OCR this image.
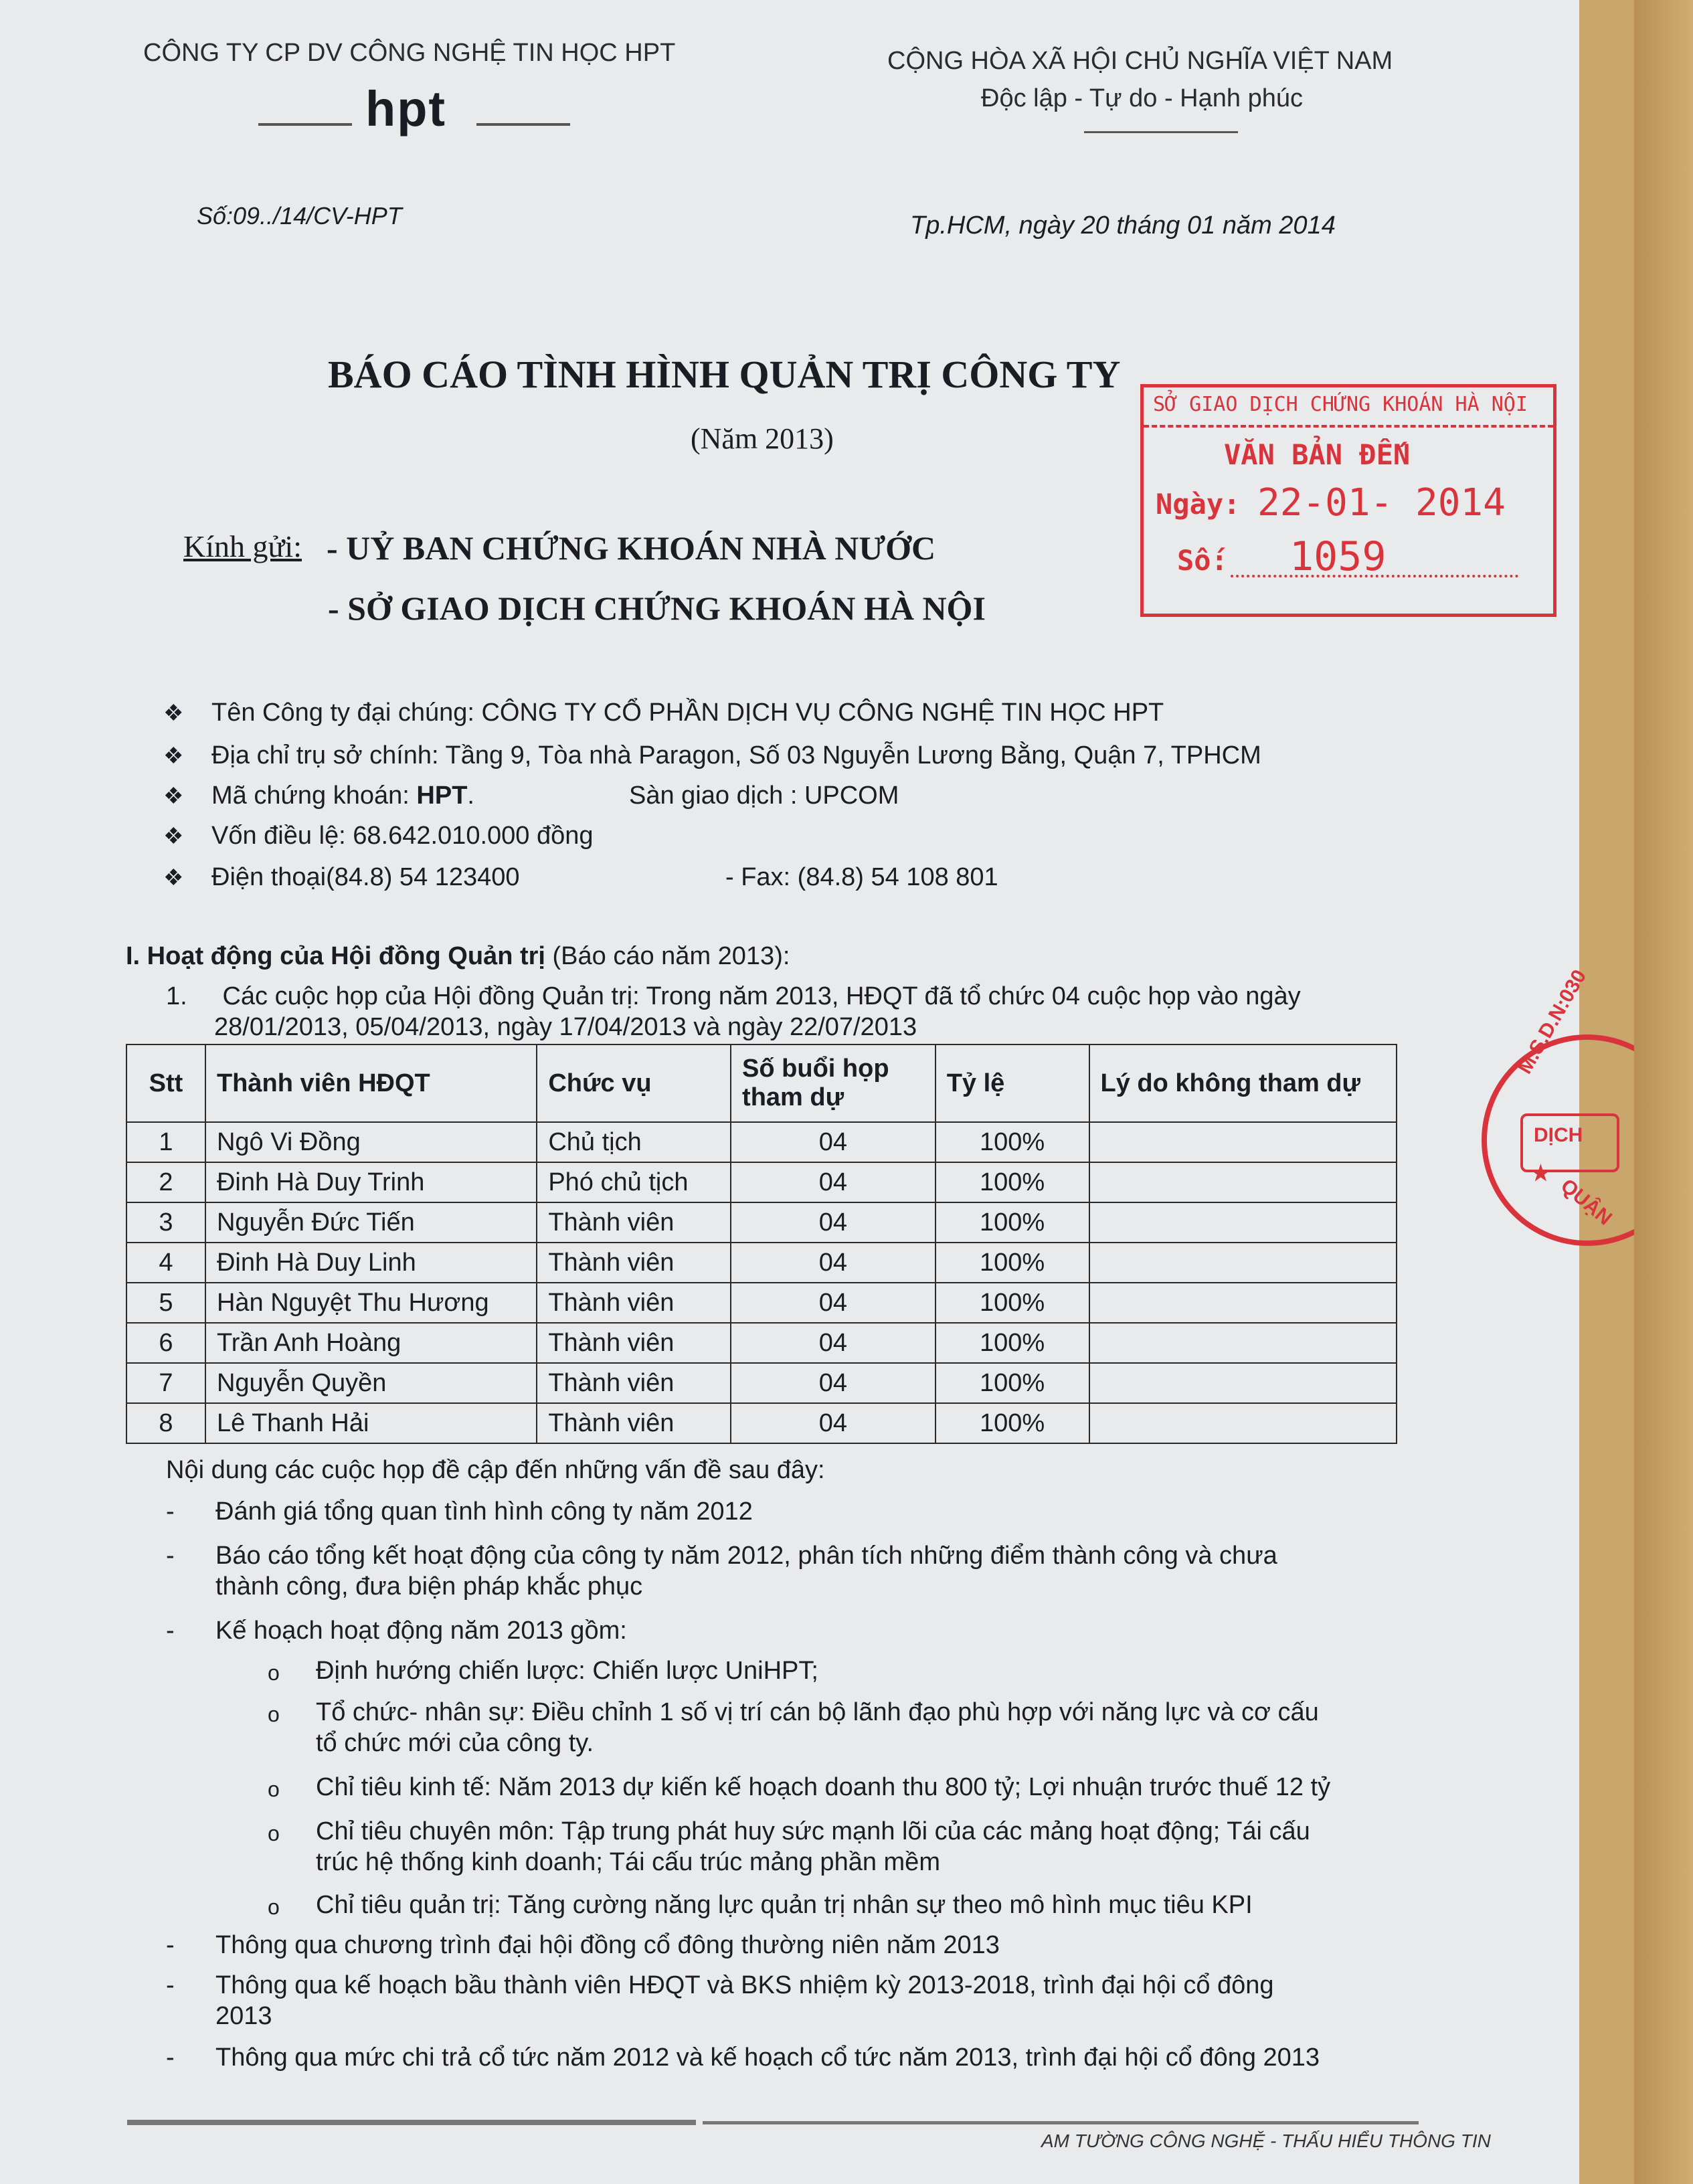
CÔNG TY CP DV CÔNG NGHỆ TIN HỌC HPT
hpt
CỘNG HÒA XÃ HỘI CHỦ NGHĨA VIỆT NAM
Độc lập - Tự do - Hạnh phúc
Số:09../14/CV-HPT	Tp.HCM, ngày 20 tháng 01 năm 2014
BÁO CÁO TÌNH HÌNH QUẢN TRỊ CÔNG TY
(Năm 2013)
SỞ GIAO DỊCH CHỨNG KHOÁN HÀ NỘI
VĂN BẢN ĐẾN
Ngày: 22-01- 2014
Số: 1059
Kính gửi: - UỶ BAN CHỨNG KHOÁN NHÀ NƯỚC
- SỞ GIAO DỊCH CHỨNG KHOÁN HÀ NỘI
❖ Tên Công ty đại chúng: CÔNG TY CỔ PHẦN DỊCH VỤ CÔNG NGHỆ TIN HỌC HPT
❖ Địa chỉ trụ sở chính: Tầng 9, Tòa nhà Paragon, Số 03 Nguyễn Lương Bằng, Quận 7, TPHCM
❖ Mã chứng khoán: HPT.	Sàn giao dịch : UPCOM
❖ Vốn điều lệ: 68.642.010.000 đồng
❖ Điện thoại(84.8) 54 123400	- Fax: (84.8) 54 108 801
I. Hoạt động của Hội đồng Quản trị (Báo cáo năm 2013):
1.     Các cuộc họp của Hội đồng Quản trị: Trong năm 2013, HĐQT đã tổ chức 04 cuộc họp vào ngày
28/01/2013, 05/04/2013, ngày 17/04/2013 và ngày 22/07/2013	M.S.D.N:030
★
DỊCH
QUẬN
Stt	Thành viên HĐQT	Chức vụ	Số buổi họp tham dự	Tỷ lệ	Lý do không tham dự
1	Ngô Vi Đồng	Chủ tịch	04	100%	
2	Đinh Hà Duy Trinh	Phó chủ tịch	04	100%	
3	Nguyễn Đức Tiến	Thành viên	04	100%	
4	Đinh Hà Duy Linh	Thành viên	04	100%	
5	Hàn Nguyệt Thu Hương	Thành viên	04	100%	
6	Trần Anh Hoàng	Thành viên	04	100%	
7	Nguyễn Quyền	Thành viên	04	100%	
8	Lê Thanh Hải	Thành viên	04	100%	
Nội dung các cuộc họp đề cập đến những vấn đề sau đây:
- Đánh giá tổng quan tình hình công ty năm 2012
- Báo cáo tổng kết hoạt động của công ty năm 2012, phân tích những điểm thành công và chưa
thành công, đưa biện pháp khắc phục
- Kế hoạch hoạt động năm 2013 gồm:
o Định hướng chiến lược: Chiến lược UniHPT;
o Tổ chức- nhân sự: Điều chỉnh 1 số vị trí cán bộ lãnh đạo phù hợp với năng lực và cơ cấu
tổ chức mới của công ty.
o Chỉ tiêu kinh tế: Năm 2013 dự kiến kế hoạch doanh thu 800 tỷ; Lợi nhuận trước thuế 12 tỷ
o Chỉ tiêu chuyên môn: Tập trung phát huy sức mạnh lõi của các mảng hoạt động; Tái cấu
trúc hệ thống kinh doanh; Tái cấu trúc mảng phần mềm
o Chỉ tiêu quản trị: Tăng cường năng lực quản trị nhân sự theo mô hình mục tiêu KPI
- Thông qua chương trình đại hội đồng cổ đông thường niên năm 2013
- Thông qua kế hoạch bầu thành viên HĐQT và BKS nhiệm kỳ 2013-2018, trình đại hội cổ đông
2013
- Thông qua mức chi trả cổ tức năm 2012 và kế hoạch cổ tức năm 2013, trình đại hội cổ đông 2013
AM TƯỜNG CÔNG NGHỆ - THẤU HIỂU THÔNG TIN
